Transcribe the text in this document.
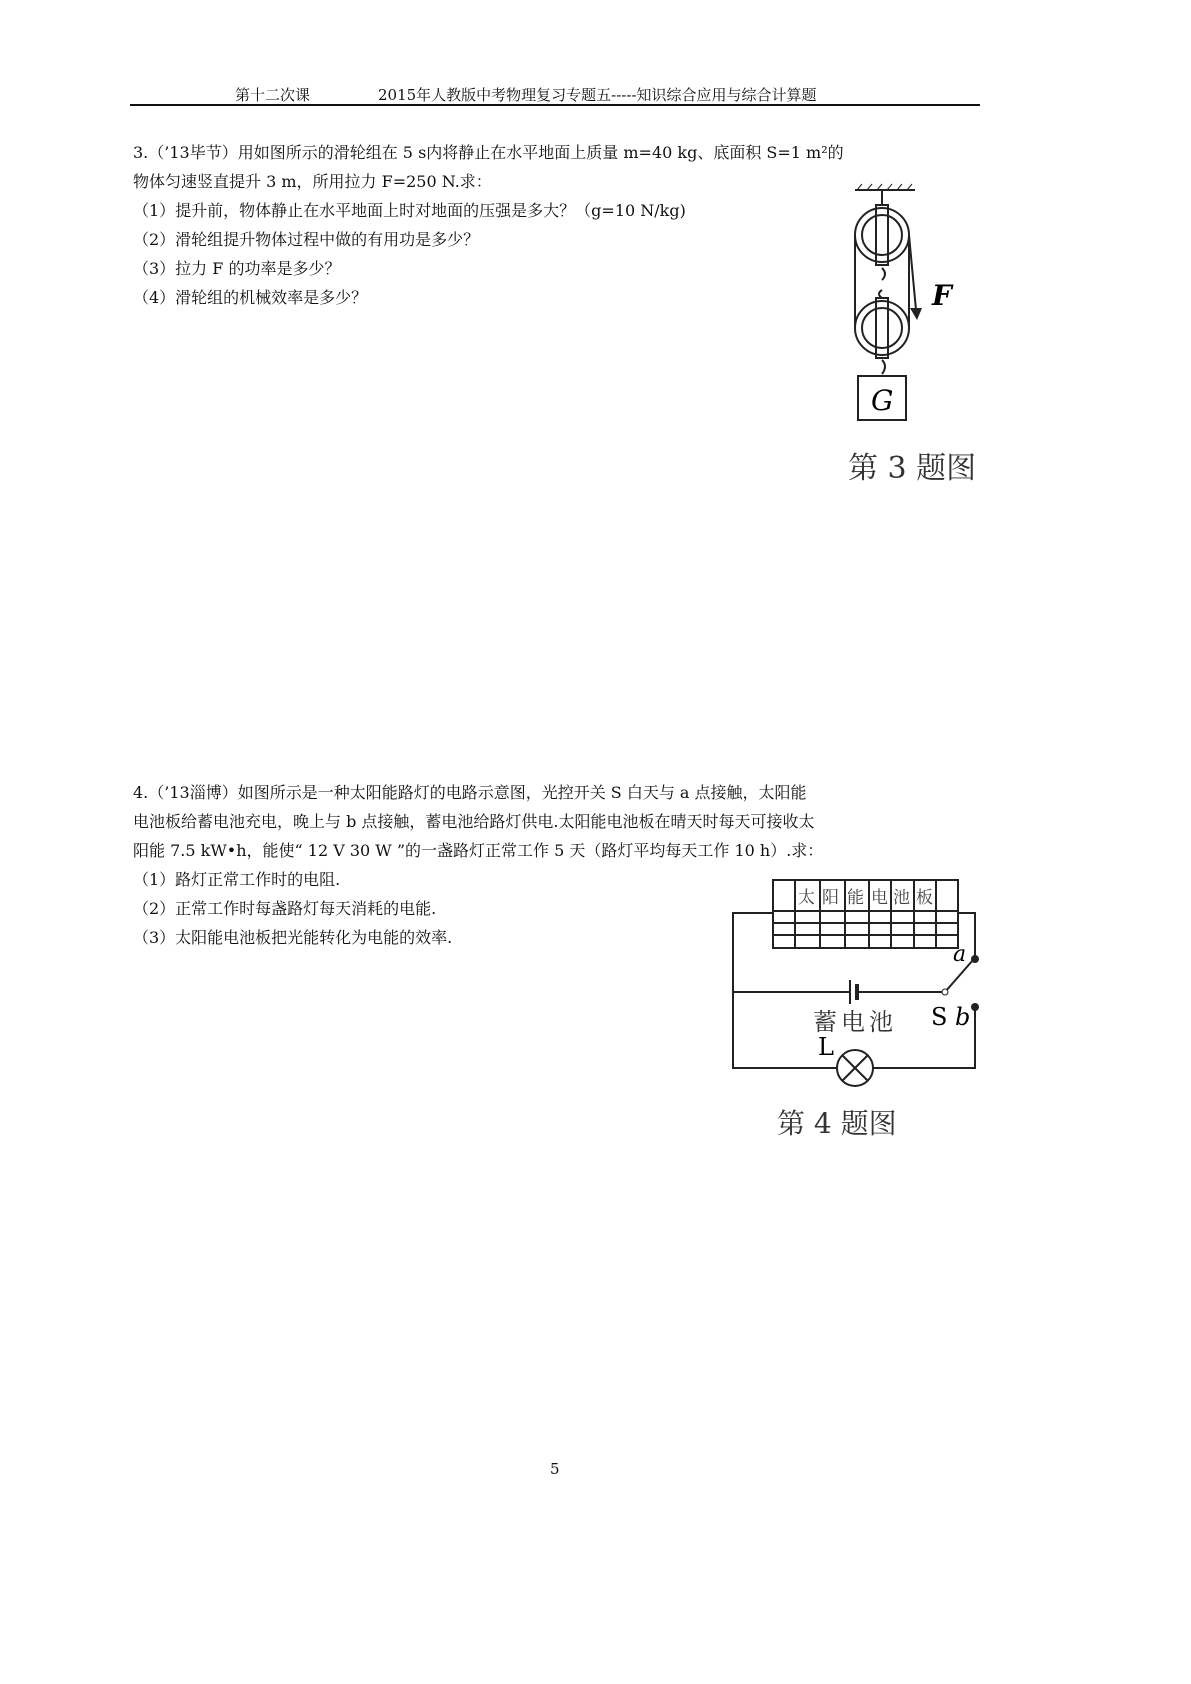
第十二次课	2015年人教版中考物理复习专题五-----知识综合应用与综合计算题
3.（’13毕节）用如图所示的滑轮组在 5 s内将静止在水平地面上质量 m=40 kg、底面积 S=1 m²的
物体匀速竖直提升 3 m，所用拉力 F=250 N.求：
（1）提升前，物体静止在水平地面上时对地面的压强是多大？（g=10 N/kg)
（2）滑轮组提升物体过程中做的有用功是多少？
（3）拉力 F 的功率是多少？
（4）滑轮组的机械效率是多少？	F
G
第 3 题图
4.（’13淄博）如图所示是一种太阳能路灯的电路示意图，光控开关 S 白天与 a 点接触，太阳能
电池板给蓄电池充电，晚上与 b 点接触，蓄电池给路灯供电.太阳能电池板在晴天时每天可接收太
阳能 7.5 kW•h，能使“ 12 V 30 W ”的一盏路灯正常工作 5 天（路灯平均每天工作 10 h）.求：
（1）路灯正常工作时的电阻.
（2）正常工作时每盏路灯每天消耗的电能.
（3）太阳能电池板把光能转化为电能的效率.
太 阳 能 电 池 板
蓄电池
L
S
a
b
第 4 题图
5
